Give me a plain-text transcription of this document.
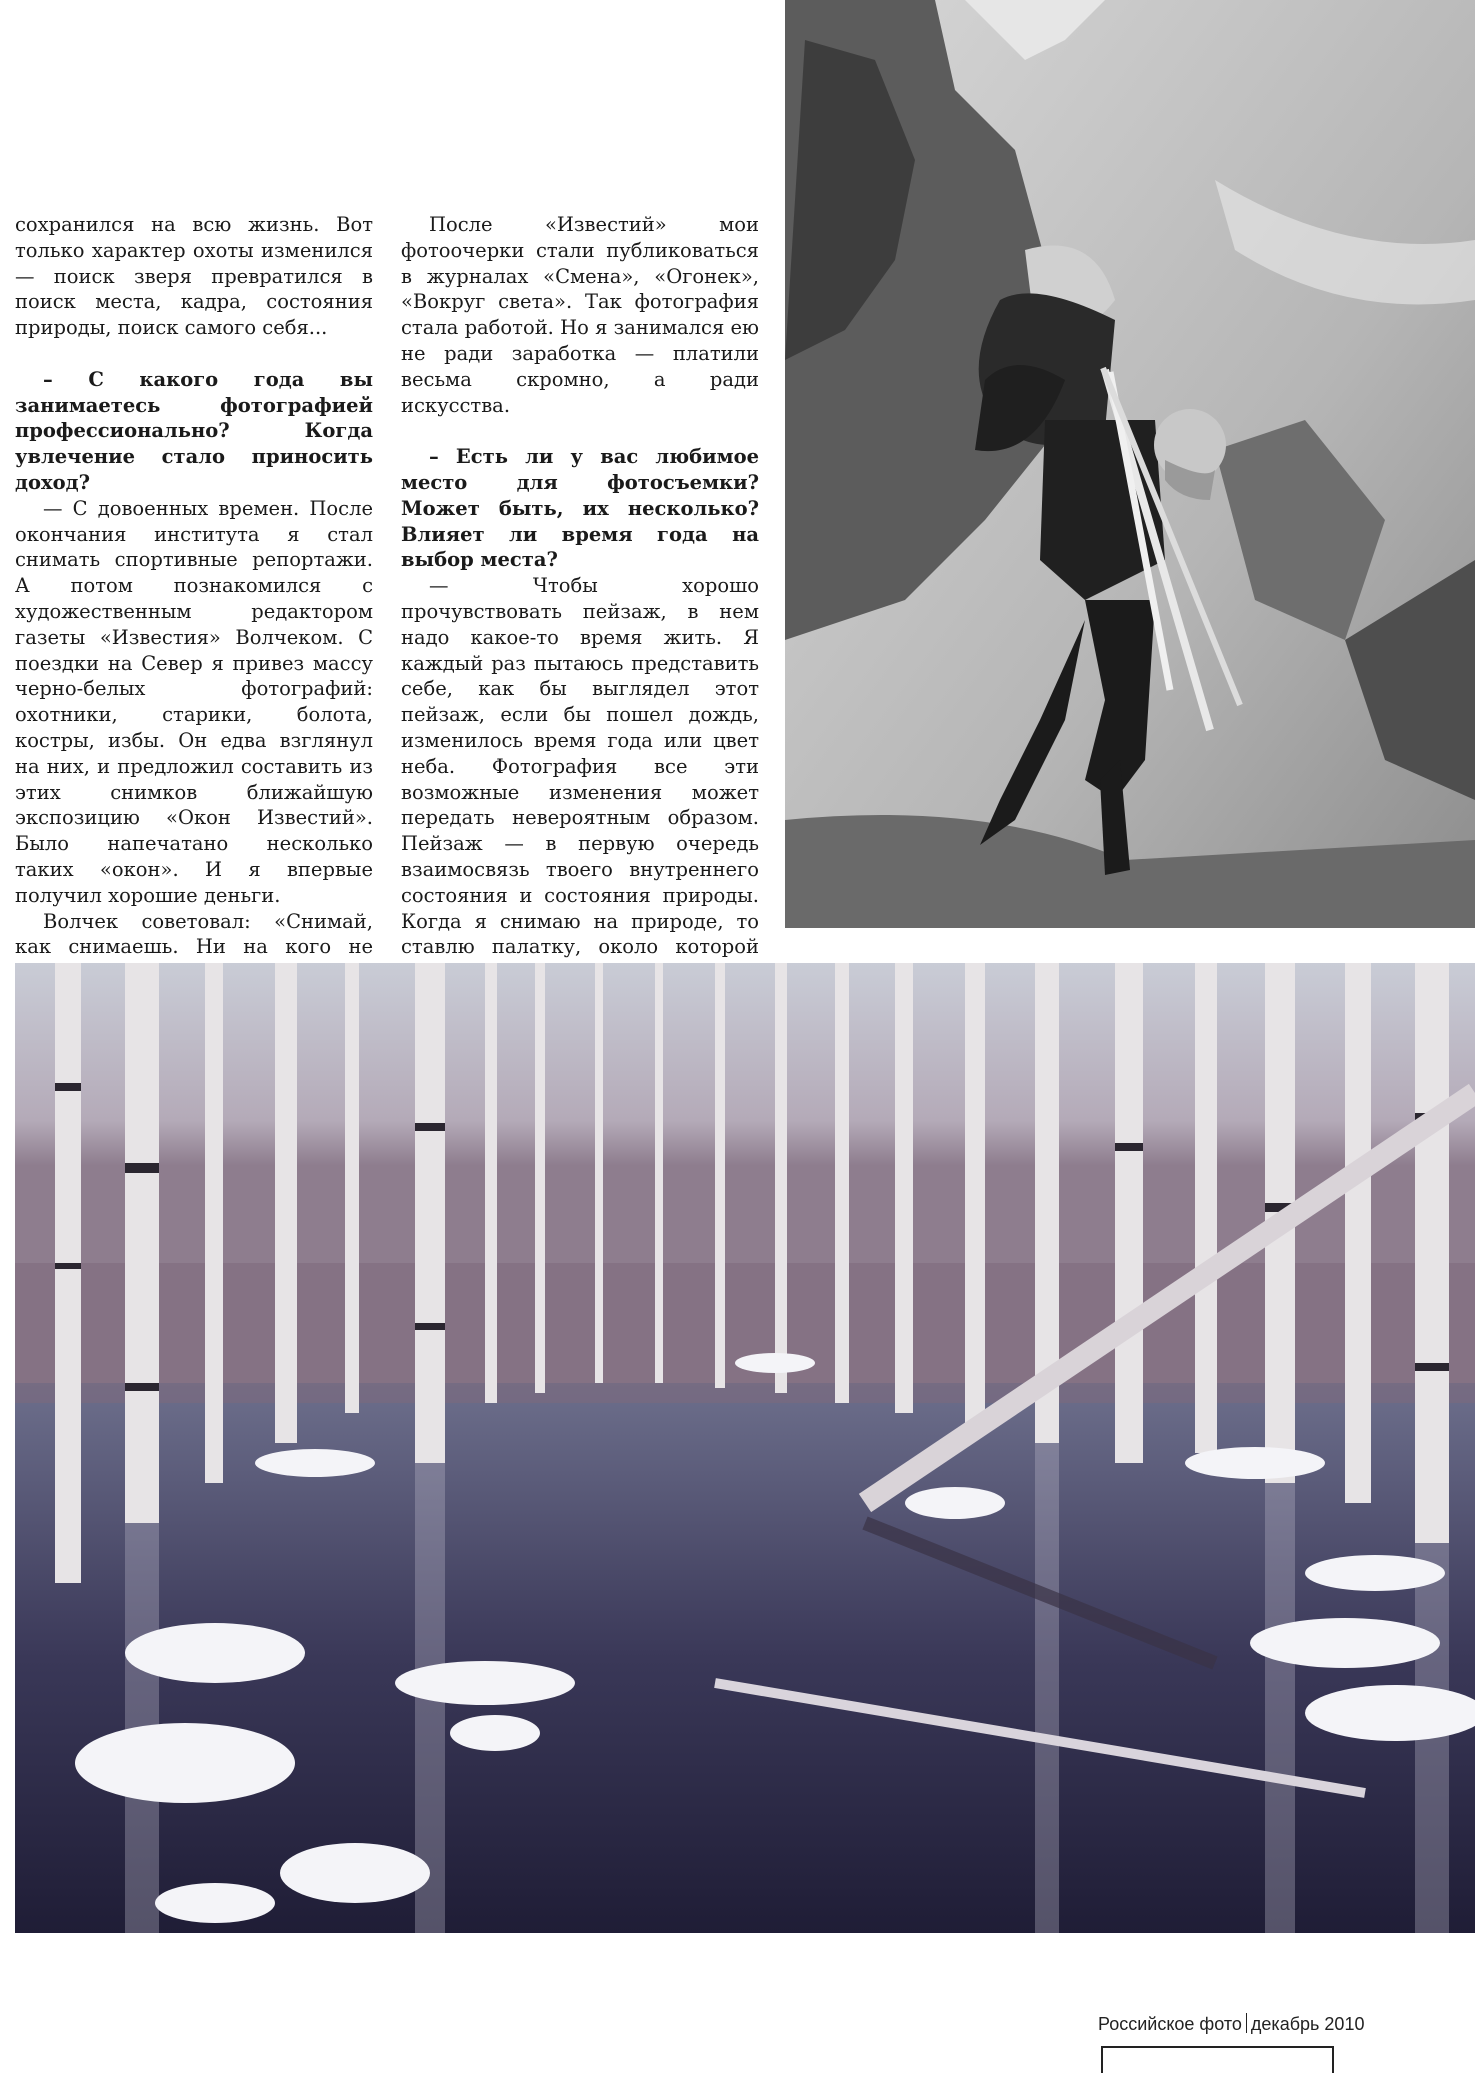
сохранился на всю жизнь. Вот только характер охоты изменился — поиск зверя превратился в поиск места, кадра, состояния природы, поиск самого себя...

– С какого года вы занимаетесь фотографией профессионально? Когда увлечение стало приносить доход?

— С довоенных времен. После окончания института я стал снимать спортивные репортажи. А потом познакомился с художественным редактором газеты «Известия» Волчеком. С поездки на Север я привез массу черно-белых фотографий: охотники, старики, болота, костры, избы. Он едва взглянул на них, и предложил составить из этих снимков ближайшую экспозицию «Окон Известий». Было напечатано несколько таких «окон». И я впервые получил хорошие деньги.

Волчек советовал: «Снимай, как снимаешь. Ни на кого не

После «Известий» мои фотоочерки стали публиковаться в журналах «Смена», «Огонек», «Вокруг света». Так фотография стала работой. Но я занимался ею не ради заработка — платили весьма скромно, а ради искусства.

– Есть ли у вас любимое место для фотосъемки? Может быть, их несколько? Влияет ли время года на выбор места?

— Чтобы хорошо прочувствовать пейзаж, в нем надо какое-то время жить. Я каждый раз пытаюсь представить себе, как бы выглядел этот пейзаж, если бы пошел дождь, изменилось время года или цвет неба. Фотография все эти возможные изменения может передать невероятным образом. Пейзаж — в первую очередь взаимосвязь твоего внутреннего состояния и состояния природы. Когда я снимаю на природе, то ставлю палатку, около которой

Российское фото декабрь 2010
